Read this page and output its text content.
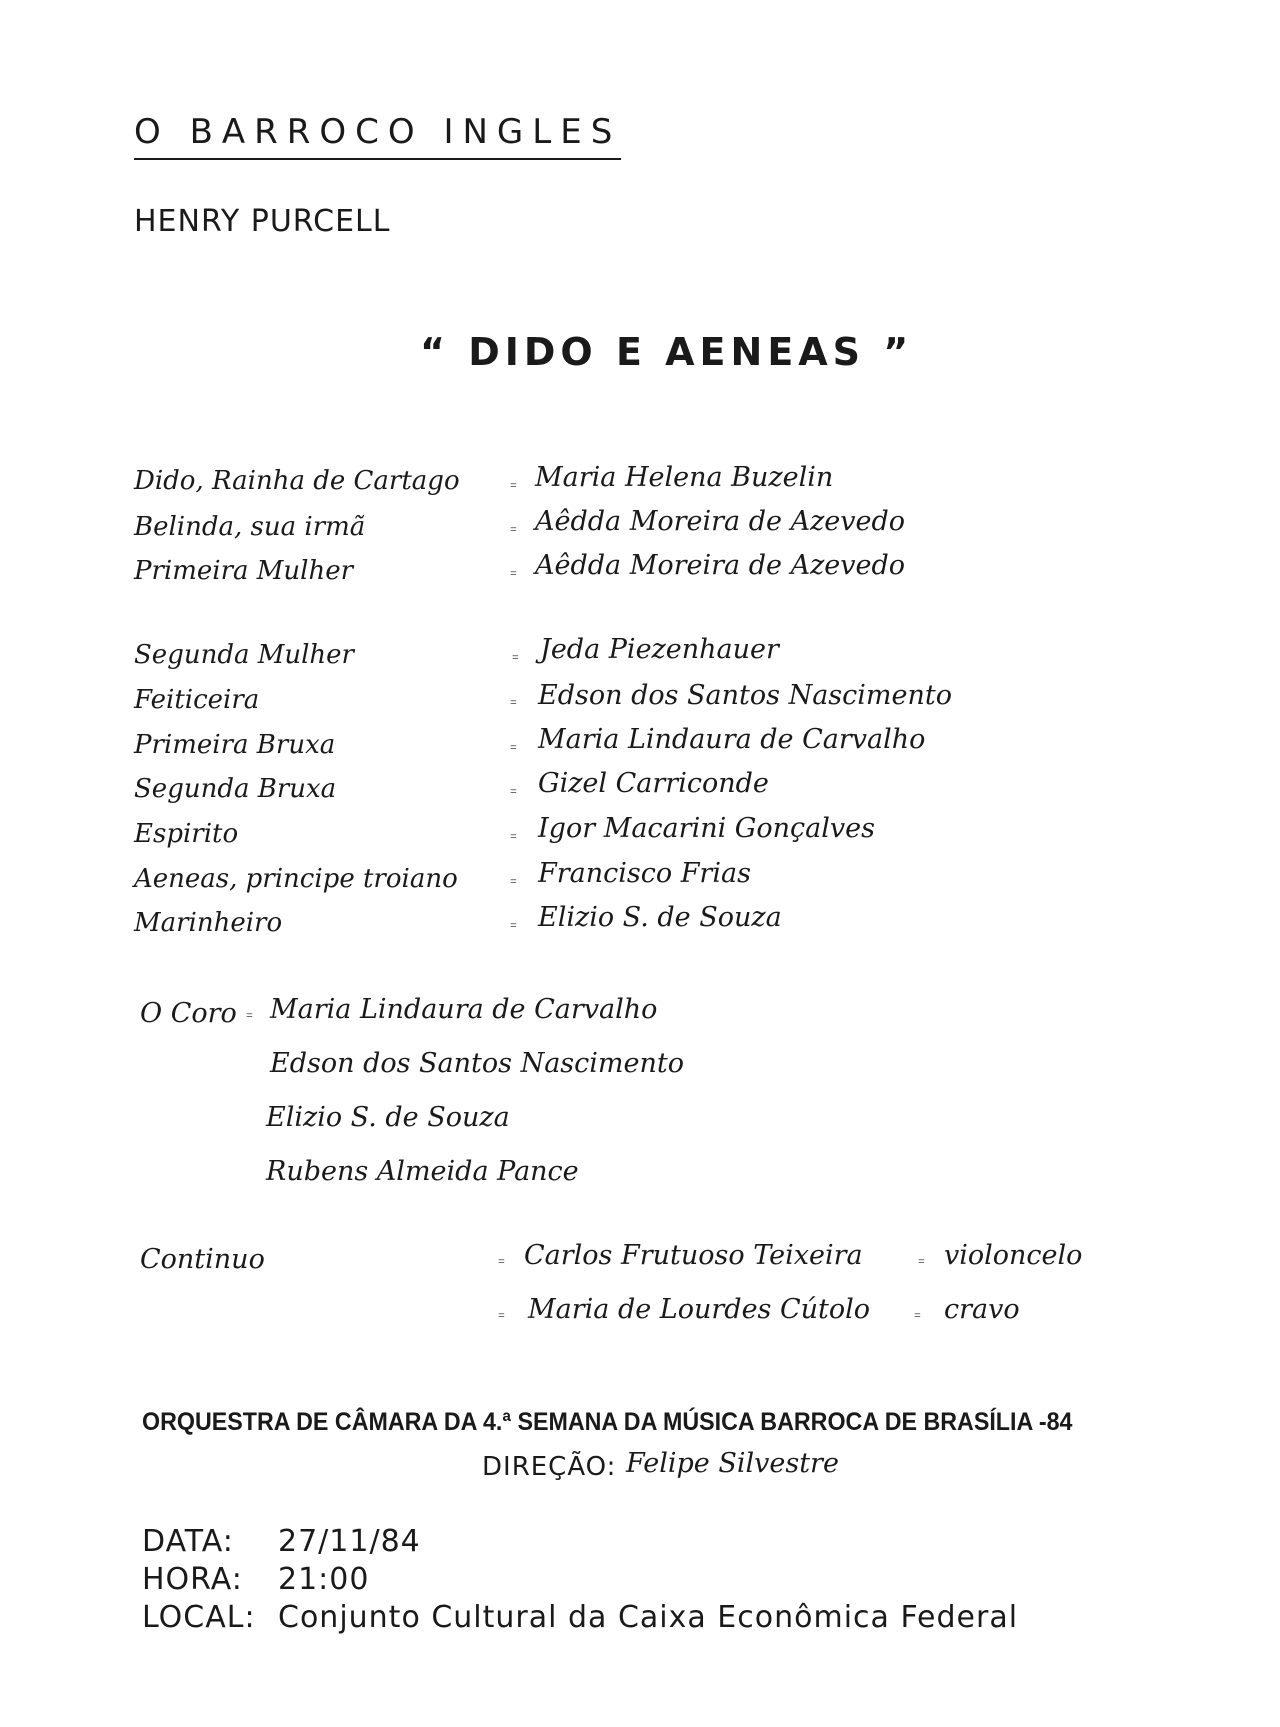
O BARROCO INGLES
HENRY PURCELL
“ DIDO E AENEAS ”
Dido, Rainha de Cartago	= Maria Helena Buzelin
Belinda, sua irmã	= Aêdda Moreira de Azevedo
Primeira Mulher	= Aêdda Moreira de Azevedo
Segunda Mulher	= Jeda Piezenhauer
Feiticeira	= Edson dos Santos Nascimento
Primeira Bruxa	= Maria Lindaura de Carvalho
Segunda Bruxa	= Gizel Carriconde
Espirito	= Igor Macarini Gonçalves
Aeneas, principe troiano	= Francisco Frias
Marinheiro	= Elizio S. de Souza
O Coro = Maria Lindaura de Carvalho
Edson dos Santos Nascimento
Elizio S. de Souza
Rubens Almeida Pance
Continuo	= Carlos Frutuoso Teixeira	= violoncelo
= Maria de Lourdes Cútolo	= cravo
ORQUESTRA DE CÂMARA DA 4.ª SEMANA DA MÚSICA BARROCA DE BRASÍLIA -84
DIREÇÃO: Felipe Silvestre
DATA: 27/11/84
HORA: 21:00
LOCAL: Conjunto Cultural da Caixa Econômica Federal
